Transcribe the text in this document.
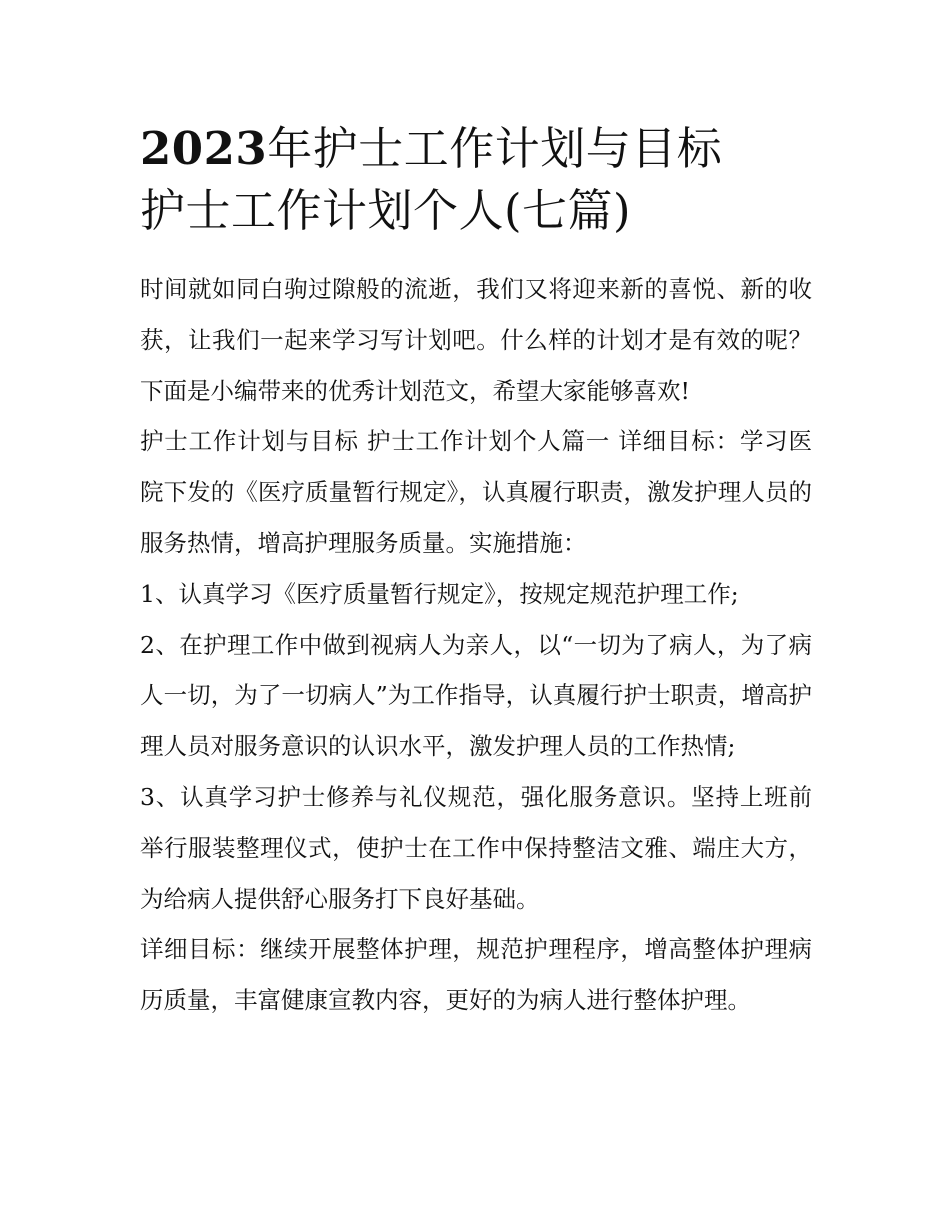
2023年护士工作计划与目标
护士工作计划个人(七篇)

时间就如同白驹过隙般的流逝，我们又将迎来新的喜悦、新的收获，让我们一起来学习写计划吧。什么样的计划才是有效的呢？下面是小编带来的优秀计划范文，希望大家能够喜欢!

护士工作计划与目标 护士工作计划个人篇一 详细目标：学习医院下发的《医疗质量暂行规定》，认真履行职责，激发护理人员的服务热情，增高护理服务质量。实施措施：

1、认真学习《医疗质量暂行规定》，按规定规范护理工作;

2、在护理工作中做到视病人为亲人，以“一切为了病人，为了病人一切，为了一切病人”为工作指导，认真履行护士职责，增高护理人员对服务意识的认识水平，激发护理人员的工作热情;

3、认真学习护士修养与礼仪规范，强化服务意识。坚持上班前举行服装整理仪式，使护士在工作中保持整洁文雅、端庄大方，为给病人提供舒心服务打下良好基础。

详细目标：继续开展整体护理，规范护理程序，增高整体护理病历质量，丰富健康宣教内容，更好的为病人进行整体护理。
